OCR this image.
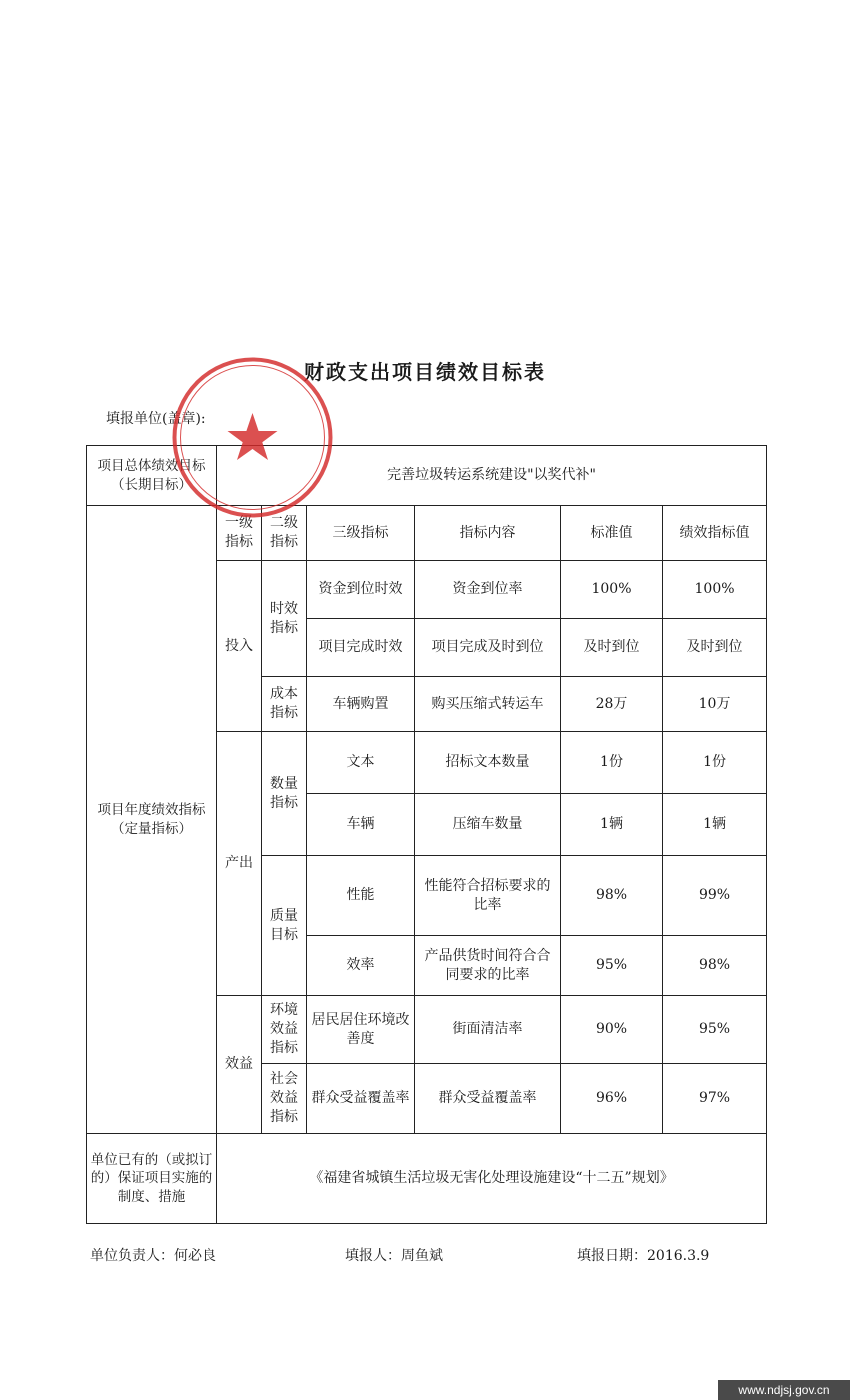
财政支出项目绩效目标表
填报单位(盖章):
项目总体绩效目标（长期目标）	完善垃圾转运系统建设"以奖代补"					
项目年度绩效指标（定量指标）	一级指标	二级指标	三级指标	指标内容	标准值	绩效指标值
	投入	时效指标	资金到位时效	资金到位率	100%	100%
			项目完成时效	项目完成及时到位	及时到位	及时到位
		成本指标	车辆购置	购买压缩式转运车	28万	10万
	产出	数量指标	文本	招标文本数量	1份	1份
			车辆	压缩车数量	1辆	1辆
		质量目标	性能	性能符合招标要求的比率	98%	99%
			效率	产品供货时间符合合同要求的比率	95%	98%
	效益	环境效益指标	居民居住环境改善度	街面清洁率	90%	95%
		社会效益指标	群众受益覆盖率	群众受益覆盖率	96%	97%
单位已有的（或拟订的）保证项目实施的制度、措施	《福建省城镇生活垃圾无害化处理设施建设“十二五”规划》					
单位负责人：何必良	填报人：周鱼斌	填报日期：2016.3.9
www.ndjsj.gov.cn
